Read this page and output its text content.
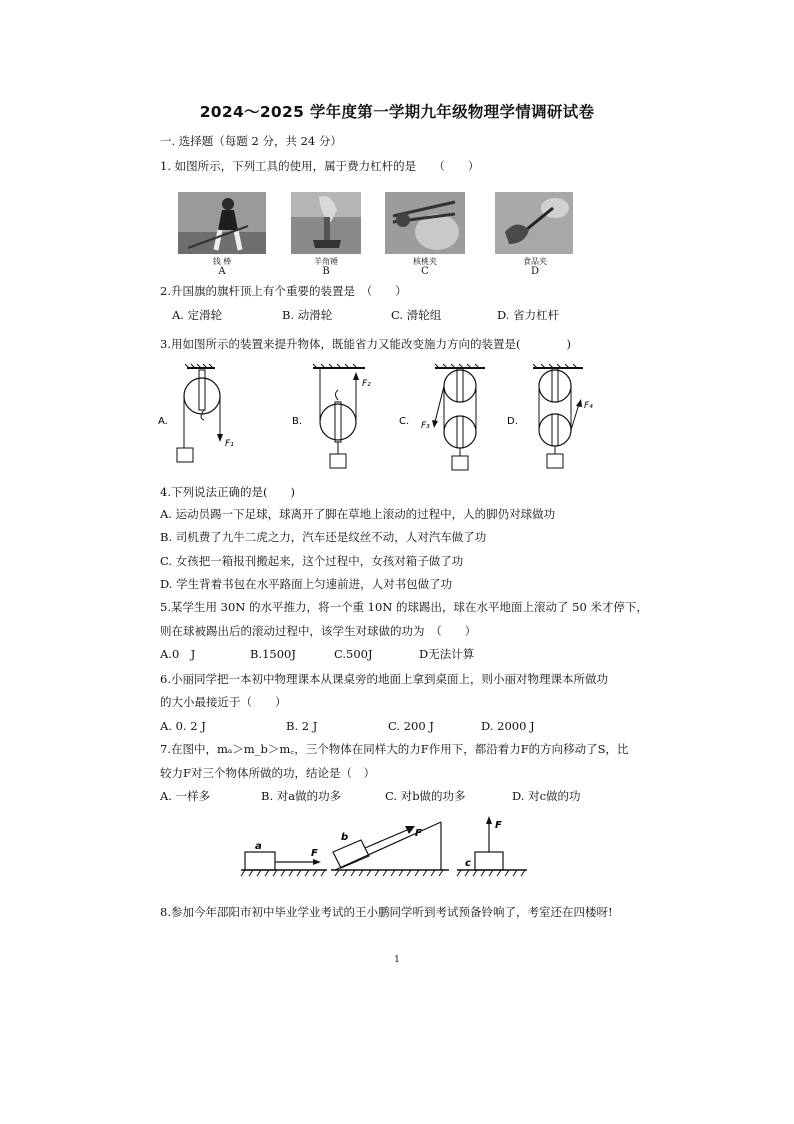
2024～2025 学年度第一学期九年级物理学情调研试卷
一. 选择题（每题 2 分，共 24 分）
1. 如图所示，下列工具的使用，属于费力杠杆的是　　（　　）
钱 棒
A
羊角锤
B
核桃夹
C
食品夹
D
2.升国旗的旗杆顶上有个重要的装置是　（　　）
A. 定滑轮	B. 动滑轮	C. 滑轮组	D. 省力杠杆
3.用如图所示的装置来提升物体，既能省力又能改变施力方向的装置是(　　　　)
A.	B.	C.	D.
F₁
F₂
F₃
F₄
4.下列说法正确的是(　　)
A. 运动员踢一下足球，球离开了脚在草地上滚动的过程中，人的脚仍对球做功
B. 司机费了九牛二虎之力，汽车还是纹丝不动，人对汽车做了功
C. 女孩把一箱报刊搬起来，这个过程中，女孩对箱子做了功
D. 学生背着书包在水平路面上匀速前进，人对书包做了功
5.某学生用 30N 的水平推力，将一个重 10N 的球踢出，球在水平地面上滚动了 50 米才停下，
则在球被踢出后的滚动过程中，该学生对球做的功为　（　　）
A.0　J	B.1500J	C.500J	D无法计算
6.小丽同学把一本初中物理课本从课桌旁的地面上拿到桌面上，则小丽对物理课本所做功
的大小最接近于（　　）
A. 0. 2 J	B. 2 J	C. 200 J	D. 2000 J
7.在图中，mₐ＞m_b＞m꜀，三个物体在同样大的力F作用下，都沿着力F的方向移动了S，比
较力F对三个物体所做的功，结论是（　）
A. 一样多	B. 对a做的功多	C. 对b做的功多	D. 对c做的功
a
b
c
F
F
F
8.参加今年邵阳市初中毕业学业考试的王小鹏同学听到考试预备铃响了，考室还在四楼呀!
1
